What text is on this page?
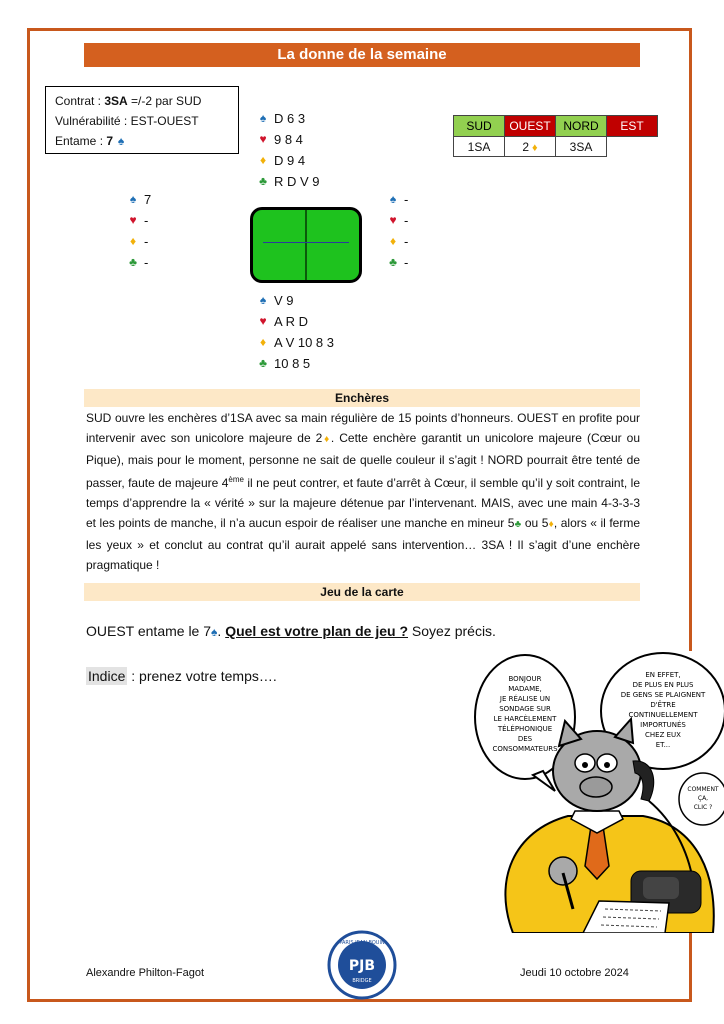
La donne de la semaine
Contrat : 3SA =/-2 par SUD
Vulnérabilité : EST-OUEST
Entame : 7 ♠
♠ D 6 3
♥ 9 8 4
♦ D 9 4
♣ R D V 9
♠ 7
♥ -
♦ -
♣ -
♠ -
♥ -
♦ -
♣ -
♠ V 9
♥ A R D
♦ A V 10 8 3
♣ 10 8 5
SUD	OUEST	NORD	EST
1SA	2 ♦	3SA	
Enchères
SUD ouvre les enchères d’1SA avec sa main régulière de 15 points d’honneurs. OUEST en profite pour intervenir avec son unicolore majeure de 2♦. Cette enchère garantit un unicolore majeure (Cœur ou Pique), mais pour le moment, personne ne sait de quelle couleur il s’agit ! NORD pourrait être tenté de passer, faute de majeure 4ème il ne peut contrer, et faute d’arrêt à Cœur, il semble qu’il y soit contraint, le temps d’apprendre la « vérité » sur la majeure détenue par l’intervenant. MAIS, avec une main 4-3-3-3 et les points de manche, il n’a aucun espoir de réaliser une manche en mineur 5♣ ou 5♦, alors « il ferme les yeux » et conclut au contrat qu’il aurait appelé sans intervention… 3SA ! Il s’agit d’une enchère pragmatique !
Jeu de la carte
OUEST entame le 7♠. Quel est votre plan de jeu ? Soyez précis.
Indice : prenez votre temps….	BONJOUR
MADAME,
JE RÉALISE UN
SONDAGE SUR
LE HARCÈLEMENT
TÉLÉPHONIQUE
DES
CONSOMMATEURS
EN EFFET,
DE PLUS EN PLUS
DE GENS SE PLAIGNENT
D'ÊTRE
CONTINUELLEMENT
IMPORTUNÉS
CHEZ EUX
ET...
COMMENT
ÇA,
CLIC ?
PARIS JEAN BOUIN
PJB
BRIDGE
Alexandre Philton-Fagot	Jeudi 10 octobre 2024
